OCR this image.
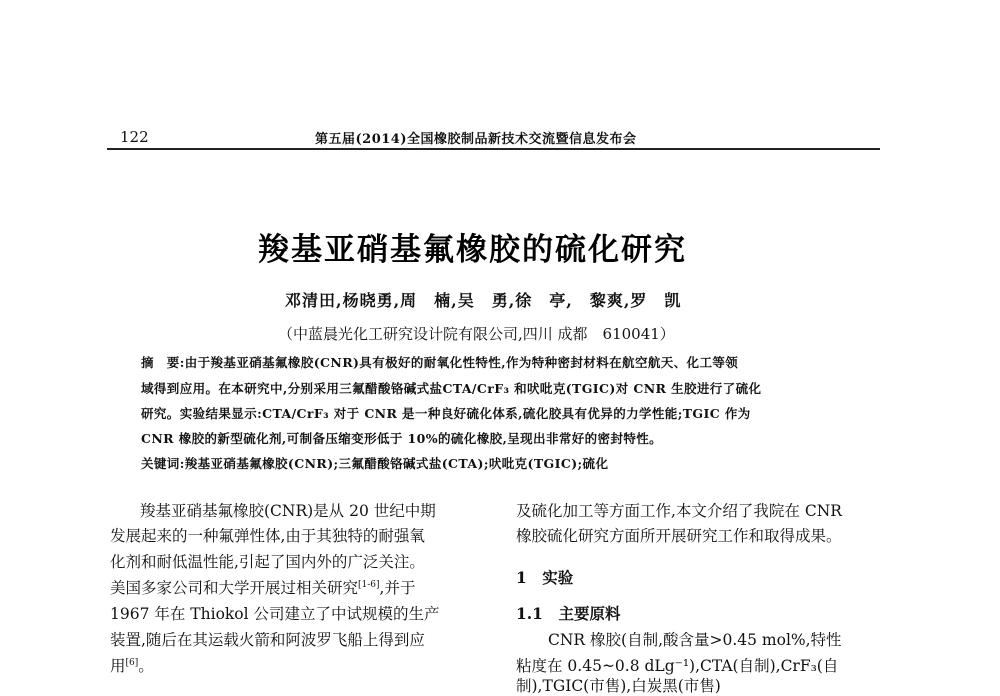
122	第五届(2014)全国橡胶制品新技术交流暨信息发布会
羧基亚硝基氟橡胶的硫化研究
邓清田,杨晓勇,周　楠,吴　勇,徐　亭,　黎爽,罗　凯
（中蓝晨光化工研究设计院有限公司,四川 成都　610041）
摘　要:由于羧基亚硝基氟橡胶(CNR)具有极好的耐氧化性特性,作为特种密封材料在航空航天、化工等领
域得到应用。在本研究中,分别采用三氟醋酸铬碱式盐CTA/CrF₃ 和吠吡克(TGIC)对 CNR 生胶进行了硫化
研究。实验结果显示:CTA/CrF₃ 对于 CNR 是一种良好硫化体系,硫化胶具有优异的力学性能;TGIC 作为
CNR 橡胶的新型硫化剂,可制备压缩变形低于 10%的硫化橡胶,呈现出非常好的密封特性。
关键词:羧基亚硝基氟橡胶(CNR);三氟醋酸铬碱式盐(CTA);吠吡克(TGIC);硫化
羧基亚硝基氟橡胶(CNR)是从 20 世纪中期
发展起来的一种氟弹性体,由于其独特的耐强氧
化剂和耐低温性能,引起了国内外的广泛关注。
美国多家公司和大学开展过相关研究[1-6],并于
1967 年在 Thiokol 公司建立了中试规模的生产
装置,随后在其运载火箭和阿波罗飞船上得到应
用[6]。
及硫化加工等方面工作,本文介绍了我院在 CNR
橡胶硫化研究方面所开展研究工作和取得成果。
1　实验
1.1　主要原料
CNR 橡胶(自制,酸含量>0.45 mol%,特性
粘度在 0.45~0.8 dLg⁻¹),CTA(自制),CrF₃(自
制),TGIC(市售),白炭黑(市售)
